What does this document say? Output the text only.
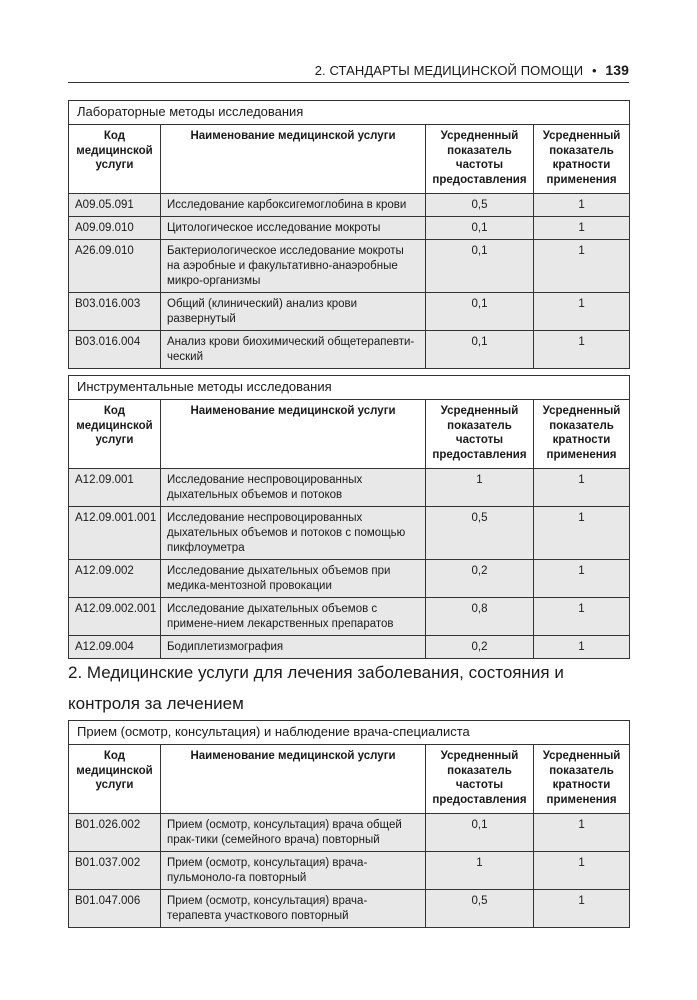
2. СТАНДАРТЫ МЕДИЦИНСКОЙ ПОМОЩИ • 139
Лабораторные методы исследования			
Код медицинской услуги	Наименование медицинской услуги	Усредненный показатель частоты предоставления	Усредненный показатель кратности применения
A09.05.091	Исследование карбоксигемоглобина в крови	0,5	1
A09.09.010	Цитологическое исследование мокроты	0,1	1
A26.09.010	Бактериологическое исследование мокроты на аэробные и факультативно-анаэробные микро-организмы	0,1	1
B03.016.003	Общий (клинический) анализ крови развернутый	0,1	1
B03.016.004	Анализ крови биохимический общетерапевти-ческий	0,1	1
Инструментальные методы исследования			
Код медицинской услуги	Наименование медицинской услуги	Усредненный показатель частоты предоставления	Усредненный показатель кратности применения
A12.09.001	Исследование неспровоцированных дыхательных объемов и потоков	1	1
A12.09.001.001	Исследование неспровоцированных дыхательных объемов и потоков с помощью пикфлоуметра	0,5	1
A12.09.002	Исследование дыхательных объемов при медика-ментозной провокации	0,2	1
A12.09.002.001	Исследование дыхательных объемов с примене-нием лекарственных препаратов	0,8	1
A12.09.004	Бодиплетизмография	0,2	1
2. Медицинские услуги для лечения заболевания, состояния и контроля за лечением
Прием (осмотр, консультация) и наблюдение врача-специалиста			
Код медицинской услуги	Наименование медицинской услуги	Усредненный показатель частоты предоставления	Усредненный показатель кратности применения
B01.026.002	Прием (осмотр, консультация) врача общей прак-тики (семейного врача) повторный	0,1	1
B01.037.002	Прием (осмотр, консультация) врача-пульмоноло-га повторный	1	1
B01.047.006	Прием (осмотр, консультация) врача-терапевта участкового повторный	0,5	1
